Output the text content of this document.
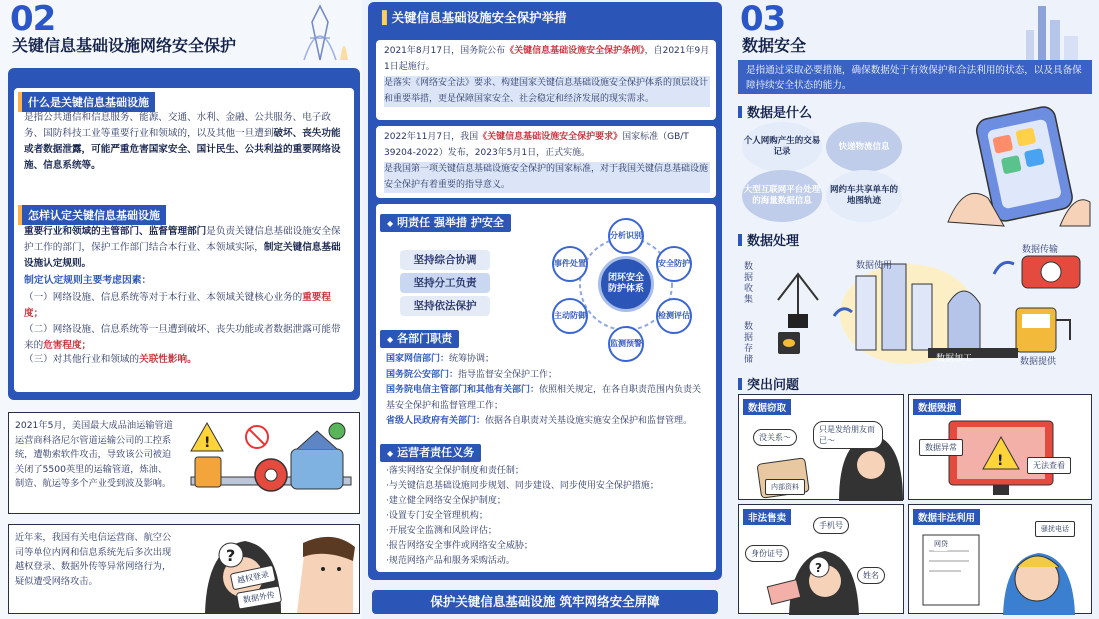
02
关键信息基础设施网络安全保护
什么是关键信息基础设施
是指公共通信和信息服务、能源、交通、水利、金融、公共服务、电子政务、国防科技工业等重要行业和领域的，以及其他一旦遭到破坏、丧失功能或者数据泄露，可能严重危害国家安全、国计民生、公共利益的重要网络设施、信息系统等。
怎样认定关键信息基础设施
重要行业和领域的主管部门、监督管理部门是负责关键信息基础设施安全保护工作的部门，保护工作部门结合本行业、本领域实际，制定关键信息基础设施认定规则。
制定认定规则主要考虑因素：
（一）网络设施、信息系统等对于本行业、本领域关键核心业务的重要程度；
（二）网络设施、信息系统等一旦遭到破坏、丧失功能或者数据泄露可能带来的危害程度；
（三）对其他行业和领域的关联性影响。
2021年5月，美国最大成品油运输管道运营商科洛尼尔管道运输公司的工控系统，遭勒索软件攻击，导致该公司被迫关闭了5500英里的运输管道，炼油、制造、航运等多个产业受到波及影响。
!
近年来，我国有关电信运营商、航空公司等单位内网和信息系统先后多次出现越权登录、数据外传等异常网络行为，疑似遭受网络攻击。
?
越权登录
数据外传
▌关键信息基础设施安全保护举措
2021年8月17日，国务院公布《关键信息基础设施安全保护条例》，自2021年9月1日起施行。
是落实《网络安全法》要求、构建国家关键信息基础设施安全保护体系的顶层设计和重要举措，更是保障国家安全、社会稳定和经济发展的现实需求。
2022年11月7日，我国《关键信息基础设施安全保护要求》国家标准（GB/T 39204-2022）发布，2023年5月1日，正式实施。
是我国第一项关键信息基础设施安全保护的国家标准，对于我国关键信息基础设施安全保护有着重要的指导意义。
◆ 明责任 强举措 护安全
坚持综合协调
坚持分工负责
坚持依法保护
闭环安全防护体系
分析识别
安全防护
检测评估
监测预警
主动防御
事件处置
◆ 各部门职责
国家网信部门：统筹协调；
国务院公安部门：指导监督安全保护工作；
国务院电信主管部门和其他有关部门：依照相关规定，在各自职责范围内负责关基安全保护和监督管理工作；
省级人民政府有关部门：依据各自职责对关基设施实施安全保护和监督管理。
◆ 运营者责任义务
·落实网络安全保护制度和责任制；
·与关键信息基础设施同步规划、同步建设、同步使用安全保护措施；
·建立健全网络安全保护制度；
·设置专门安全管理机构；
·开展安全监测和风险评估；
·报告网络安全事件或网络安全威胁；
·规范网络产品和服务采购活动。
保护关键信息基础设施 筑牢网络安全屏障
03
数据安全
是指通过采取必要措施，确保数据处于有效保护和合法利用的状态，以及具备保障持续安全状态的能力。
数据是什么
个人网购产生的交易记录
快递物流信息
大型互联网平台处理的海量数据信息
网约车共享单车的地图轨迹
数据处理
数据收集
数据存储
数据使用
数据加工
数据传输
数据提供
突出问题
数据窃取
没关系～
只是发给朋友而已～
内部资料
数据毁损
!
数据异常
无法查看
非法售卖
?
手机号
身份证号
姓名
数据非法利用
骚扰电话
网贷
